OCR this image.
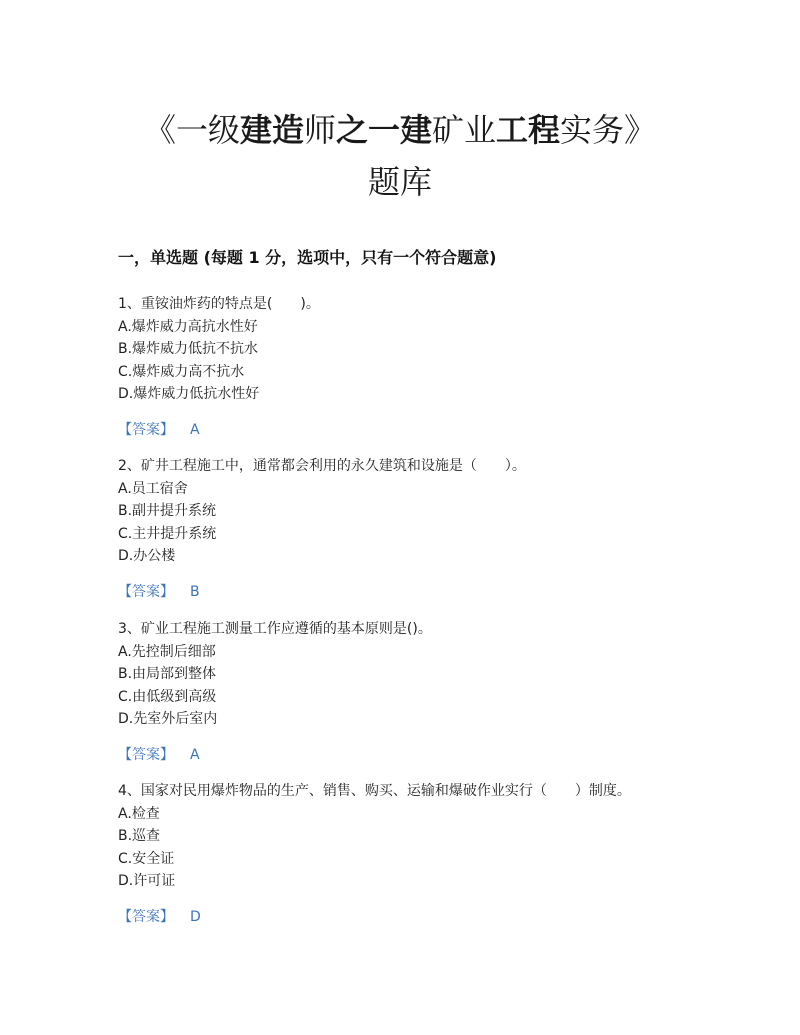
《一级建造师之一建矿业工程实务》
题库
一，单选题 (每题 1 分，选项中，只有一个符合题意)
1、重铵油炸药的特点是(　　)。
A.爆炸威力高抗水性好
B.爆炸威力低抗不抗水
C.爆炸威力高不抗水
D.爆炸威力低抗水性好
【答案】 A
2、矿井工程施工中，通常都会利用的永久建筑和设施是（　　）。
A.员工宿舍
B.副井提升系统
C.主井提升系统
D.办公楼
【答案】 B
3、矿业工程施工测量工作应遵循的基本原则是()。
A.先控制后细部
B.由局部到整体
C.由低级到高级
D.先室外后室内
【答案】 A
4、国家对民用爆炸物品的生产、销售、购买、运输和爆破作业实行（　　）制度。
A.检查
B.巡查
C.安全证
D.许可证
【答案】 D
